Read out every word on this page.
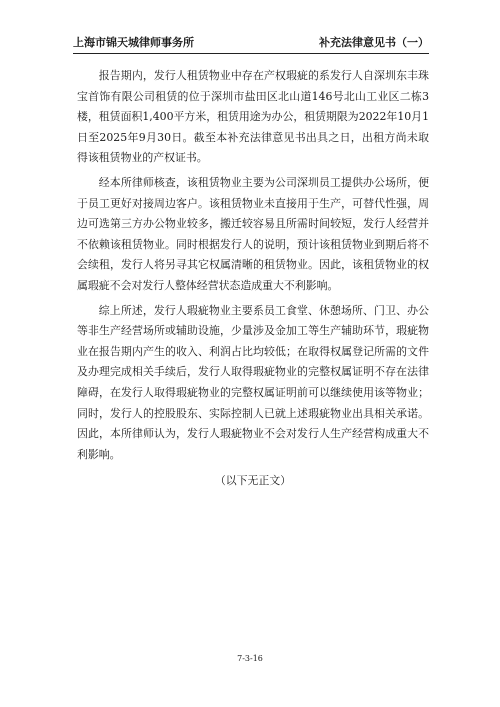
上海市锦天城律师事务所	补充法律意见书（一）

报告期内，发行人租赁物业中存在产权瑕疵的系发行人自深圳东丰珠宝首饰有限公司租赁的位于深圳市盐田区北山道146号北山工业区二栋3楼，租赁面积1,400平方米，租赁用途为办公，租赁期限为2022年10月1日至2025年9月30日。截至本补充法律意见书出具之日，出租方尚未取得该租赁物业的产权证书。

经本所律师核查，该租赁物业主要为公司深圳员工提供办公场所，便于员工更好对接周边客户。该租赁物业未直接用于生产，可替代性强，周边可选第三方办公物业较多，搬迁较容易且所需时间较短，发行人经营并不依赖该租赁物业。同时根据发行人的说明，预计该租赁物业到期后将不会续租，发行人将另寻其它权属清晰的租赁物业。因此，该租赁物业的权属瑕疵不会对发行人整体经营状态造成重大不利影响。

综上所述，发行人瑕疵物业主要系员工食堂、休憩场所、门卫、办公等非生产经营场所或辅助设施，少量涉及金加工等生产辅助环节，瑕疵物业在报告期内产生的收入、利润占比均较低；在取得权属登记所需的文件及办理完成相关手续后，发行人取得瑕疵物业的完整权属证明不存在法律障碍，在发行人取得瑕疵物业的完整权属证明前可以继续使用该等物业；同时，发行人的控股股东、实际控制人已就上述瑕疵物业出具相关承诺。因此，本所律师认为，发行人瑕疵物业不会对发行人生产经营构成重大不利影响。

（以下无正文）
7-3-16
